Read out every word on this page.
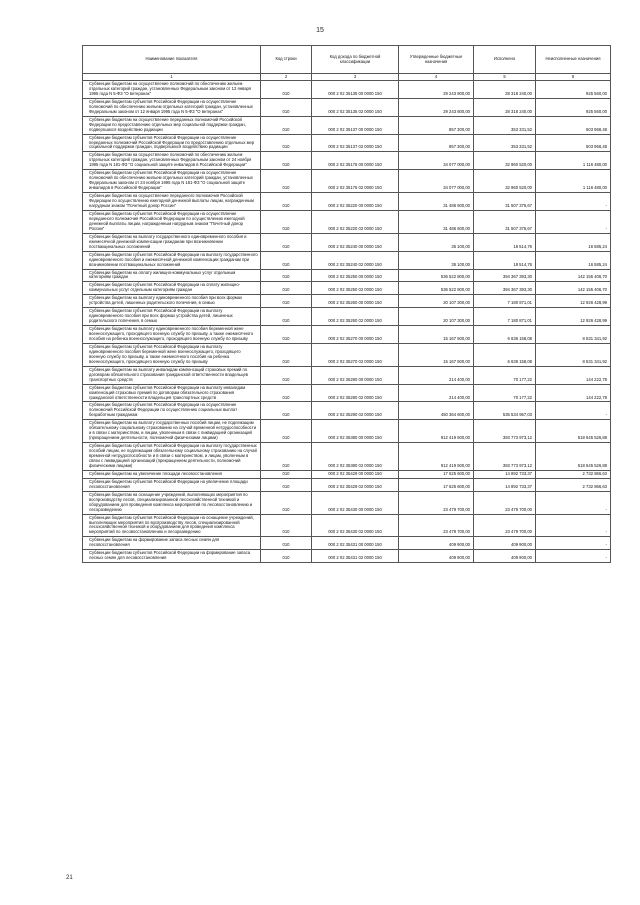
15
Наименование показателя	Код строки	Код дохода по бюджетной классификации	Утвержденные бюджетные назначения	Исполнено	Неисполненные назначения
1	2	3	4	5	6
Субвенции бюджетам на осуществление полномочий по обеспечению жильем отдельных категорий граждан, установленных Федеральным законом от 12 января 1995 года N 5-ФЗ "О ветеранах"	010	000 2 02 35135 00 0000 150	29 243 800,00	28 318 240,00	925 560,00
Субвенции бюджетам субъектов Российской Федерации на осуществление полномочий по обеспечению жильем отдельных категорий граждан, установленных Федеральным законом от 12 января 1995 года N 5-ФЗ "О ветеранах"	010	000 2 02 35135 02 0000 150	29 243 800,00	28 318 240,00	925 560,00
Субвенции бюджетам на осуществление переданных полномочий Российской Федерации по предоставлению отдельных мер социальной поддержки граждан, подвергшихся воздействию радиации	010	000 2 02 35137 00 0000 150	857 300,00	353 331,52	503 968,48
Субвенции бюджетам субъектов Российской Федерации на осуществление переданных полномочий Российской Федерации по предоставлению отдельных мер социальной поддержки граждан, подвергшихся воздействию радиации	010	000 2 02 35137 02 0000 150	857 300,00	353 331,52	503 968,48
Субвенции бюджетам на осуществление полномочий по обеспечению жильем отдельных категорий граждан, установленных Федеральным законом от 24 ноября 1995 года N 181-ФЗ "О социальной защите инвалидов в Российской Федерации"	010	000 2 02 35176 00 0000 150	34 077 000,00	32 960 520,00	1 116 480,00
Субвенции бюджетам субъектов Российской Федерации на осуществление полномочий по обеспечению жильем отдельных категорий граждан, установленных Федеральным законом от 24 ноября 1995 года N 181-ФЗ "О социальной защите инвалидов в Российской Федерации"	010	000 2 02 35176 02 0000 150	34 077 000,00	32 960 520,00	1 116 480,00
Субвенции бюджетам на осуществление переданного полномочия Российской Федерации по осуществлению ежегодной денежной выплаты лицам, награжденным нагрудным знаком "Почетный донор России"	010	000 2 02 35220 00 0000 150	31 486 600,00	31 507 376,67	-
Субвенции бюджетам субъектов Российской Федерации на осуществление переданного полномочия Российской Федерации по осуществлению ежегодной денежной выплаты лицам, награжденным нагрудным знаком "Почетный донор России"	010	000 2 02 35220 02 0000 150	31 486 600,00	31 507 376,67	-
Субвенции бюджетам на выплату государственного единовременного пособия и ежемесячной денежной компенсации гражданам при возникновении поствакцинальных осложнений	010	000 2 02 35240 00 0000 150	35 100,00	18 514,76	16 585,24
Субвенции бюджетам субъектов Российской Федерации на выплату государственного единовременного пособия и ежемесячной денежной компенсации гражданам при возникновении поствакцинальных осложнений	010	000 2 02 35240 02 0000 150	35 100,00	18 514,76	16 585,24
Субвенции бюджетам на оплату жилищно-коммунальных услуг отдельным категориям граждан	010	000 2 02 35250 00 0000 150	536 522 800,00	394 367 393,30	142 155 406,70
Субвенции бюджетам субъектов Российской Федерации на оплату жилищно-коммунальных услуг отдельным категориям граждан	010	000 2 02 35250 02 0000 150	536 522 800,00	394 367 393,30	142 155 406,70
Субвенции бюджетам на выплату единовременного пособия при всех формах устройства детей, лишенных родительского попечения, в семью	010	000 2 02 35260 00 0000 150	20 107 300,00	7 180 871,01	12 926 428,99
Субвенции бюджетам субъектов Российской Федерации на выплату единовременного пособия при всех формах устройства детей, лишенных родительского попечения, в семью	010	000 2 02 35260 02 0000 150	20 107 300,00	7 180 871,01	12 926 428,99
Субвенции бюджетам на выплату единовременного пособия беременной жене военнослужащего, проходящего военную службу по призыву, а также ежемесячного пособия на ребенка военнослужащего, проходящего военную службу по призыву	010	000 2 02 35270 00 0000 150	15 167 500,00	6 636 158,08	8 531 341,92
Субвенции бюджетам субъектов Российской Федерации на выплату единовременного пособия беременной жене военнослужащего, проходящего военную службу по призыву, а также ежемесячного пособия на ребенка военнослужащего, проходящего военную службу по призыву	010	000 2 02 35270 02 0000 150	15 167 500,00	6 636 158,08	8 531 341,92
Субвенции бюджетам на выплату инвалидам компенсаций страховых премий по договорам обязательного страхования гражданской ответственности владельцев транспортных средств	010	000 2 02 35280 00 0000 150	214 400,00	70 177,22	144 222,78
Субвенции бюджетам субъектов Российской Федерации на выплату инвалидам компенсаций страховых премий по договорам обязательного страхования гражданской ответственности владельцев транспортных средств	010	000 2 02 35280 02 0000 150	214 400,00	70 177,22	144 222,78
Субвенции бюджетам субъектов Российской Федерации на осуществление полномочий Российской Федерации по осуществлению социальных выплат безработным гражданам	010	000 2 02 35290 02 0000 150	450 364 600,00	535 534 957,03	-
Субвенции бюджетам на выплату государственных пособий лицам, не подлежащим обязательному социальному страхованию на случай временной нетрудоспособности и в связи с материнством, и лицам, уволенным в связи с ликвидацией организаций (прекращением деятельности, полномочий физическими лицами)	010	000 2 02 35380 00 0000 150	912 419 500,00	393 773 973,12	518 645 526,88
Субвенции бюджетам субъектов Российской Федерации на выплату государственных пособий лицам, не подлежащим обязательному социальному страхованию на случай временной нетрудоспособности и в связи с материнством, и лицам, уволенным в связи с ликвидацией организаций (прекращением деятельности, полномочий физическими лицами)	010	000 2 02 35380 02 0000 150	912 419 500,00	393 773 973,12	518 645 526,88
Субвенции бюджетам на увеличение площади лесовосстановления	010	000 2 02 35429 00 0000 150	17 625 600,00	14 892 733,37	2 732 866,63
Субвенции бюджетам субъектов Российской Федерации на увеличение площади лесовосстановления	010	000 2 02 35429 02 0000 150	17 625 600,00	14 892 733,37	2 732 866,63
Субвенции бюджетам на оснащение учреждений, выполняющих мероприятия по воспроизводству лесов, специализированной лесохозяйственной техникой и оборудованием для проведения комплекса мероприятий по лесовосстановлению и лесоразведению	010	000 2 02 35430 00 0000 150	23 479 700,00	23 479 700,00	-
Субвенции бюджетам субъектов Российской Федерации на оснащение учреждений, выполняющих мероприятия по воспроизводству лесов, специализированной лесохозяйственной техникой и оборудованием для проведения комплекса мероприятий по лесовосстановлению и лесоразведению	010	000 2 02 35430 02 0000 150	23 479 700,00	23 479 700,00	-
Субвенции бюджетам на формирование запаса лесных семян для лесовосстановления	010	000 2 02 35431 00 0000 150	409 900,00	409 900,00	-
Субвенции бюджетам субъектов Российской Федерации на формирование запаса лесных семян для лесовосстановления	010	000 2 02 35431 02 0000 150	409 900,00	409 900,00	-
21
